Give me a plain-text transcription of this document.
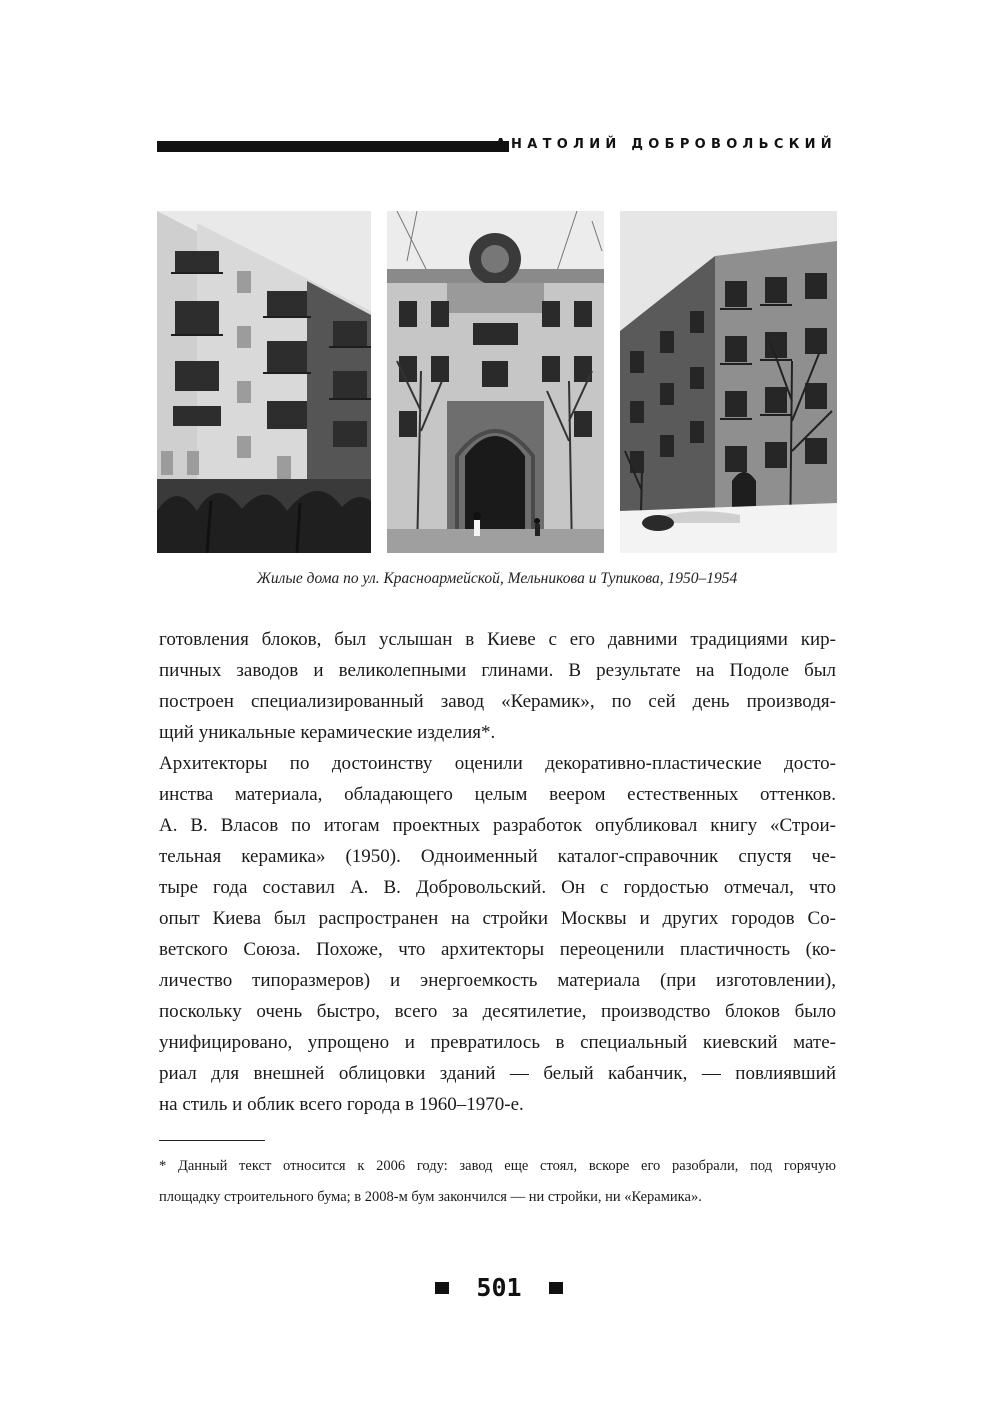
АНАТОЛИЙ ДОБРОВОЛЬСКИЙ
Жилые дома по ул. Красноармейской, Мельникова и Тупикова, 1950–1954
готовления блоков, был услышан в Киеве с его давними традициями кир-
пичных заводов и великолепными глинами. В результате на Подоле был
построен специализированный завод «Керамик», по сей день производя-
щий уникальные керамические изделия*.
Архитекторы по достоинству оценили декоративно-пластические досто-
инства материала, обладающего целым веером естественных оттенков.
А. В. Власов по итогам проектных разработок опубликовал книгу «Строи-
тельная керамика» (1950). Одноименный каталог-справочник спустя че-
тыре года составил А. В. Добровольский. Он с гордостью отмечал, что
опыт Киева был распространен на стройки Москвы и других городов Со-
ветского Союза. Похоже, что архитекторы переоценили пластичность (ко-
личество типоразмеров) и энергоемкость материала (при изготовлении),
поскольку очень быстро, всего за десятилетие, производство блоков было
унифицировано, упрощено и превратилось в специальный киевский мате-
риал для внешней облицовки зданий — белый кабанчик, — повлиявший
на стиль и облик всего города в 1960–1970-е.
* Данный текст относится к 2006 году: завод еще стоял, вскоре его разобрали, под горячую
площадку строительного бума; в 2008-м бум закончился — ни стройки, ни «Керамика».
501
